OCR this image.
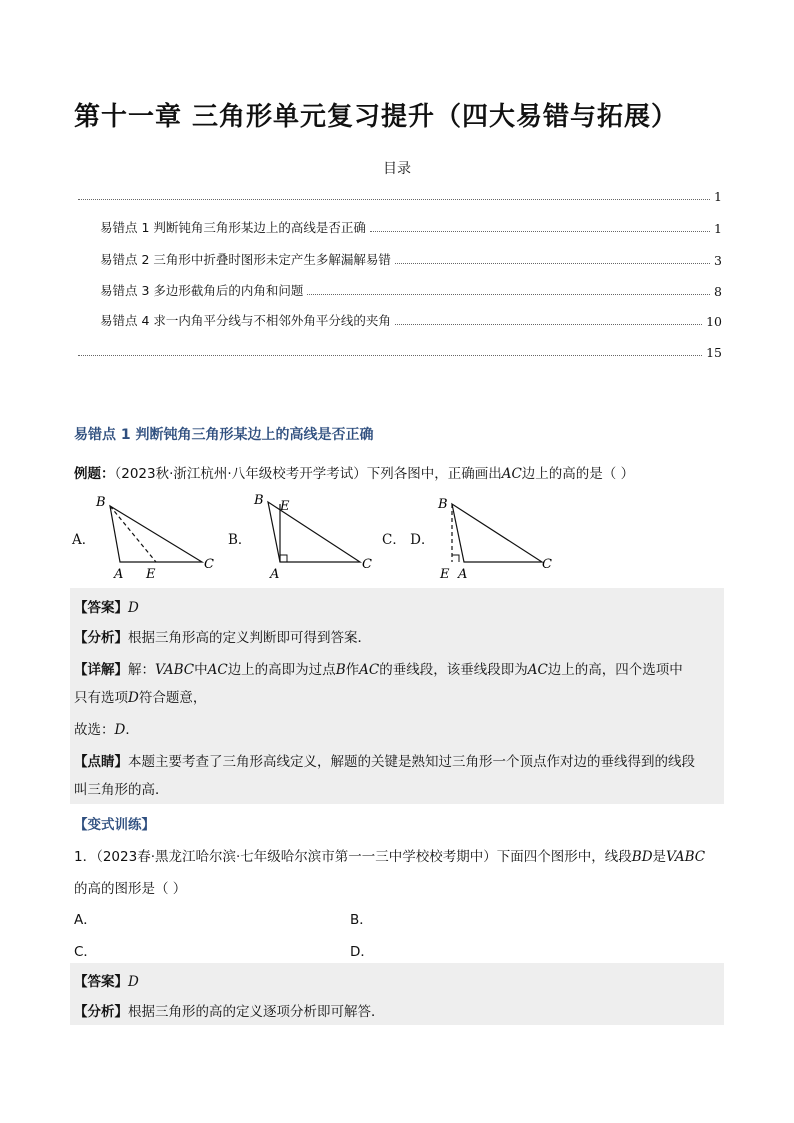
第十一章 三角形单元复习提升（四大易错与拓展）
目录
1
易错点 1 判断钝角三角形某边上的高线是否正确	1
易错点 2 三角形中折叠时图形未定产生多解漏解易错	3
易错点 3 多边形截角后的内角和问题	8
易错点 4 求一内角平分线与不相邻外角平分线的夹角	10
15
易错点 1 判断钝角三角形某边上的高线是否正确
例题：（2023秋·浙江杭州·八年级校考开学考试）下列各图中，正确画出AC边上的高的是（ ）
A．
B
A E
C
B．
B E
A
C
C． D．
B
E A
C
【答案】D
【分析】根据三角形高的定义判断即可得到答案．
【详解】解：VABC中AC边上的高即为过点B作AC的垂线段，该垂线段即为AC边上的高，四个选项中
只有选项D符合题意，
故选：D．
【点睛】本题主要考查了三角形高线定义，解题的关键是熟知过三角形一个顶点作对边的垂线得到的线段
叫三角形的高．
【变式训练】
1．（2023春·黑龙江哈尔滨·七年级哈尔滨市第一一三中学校校考期中）下面四个图形中，线段BD是VABC
的高的图形是（ ）
A．	B．
C．	D．
【答案】D
【分析】根据三角形的高的定义逐项分析即可解答．
